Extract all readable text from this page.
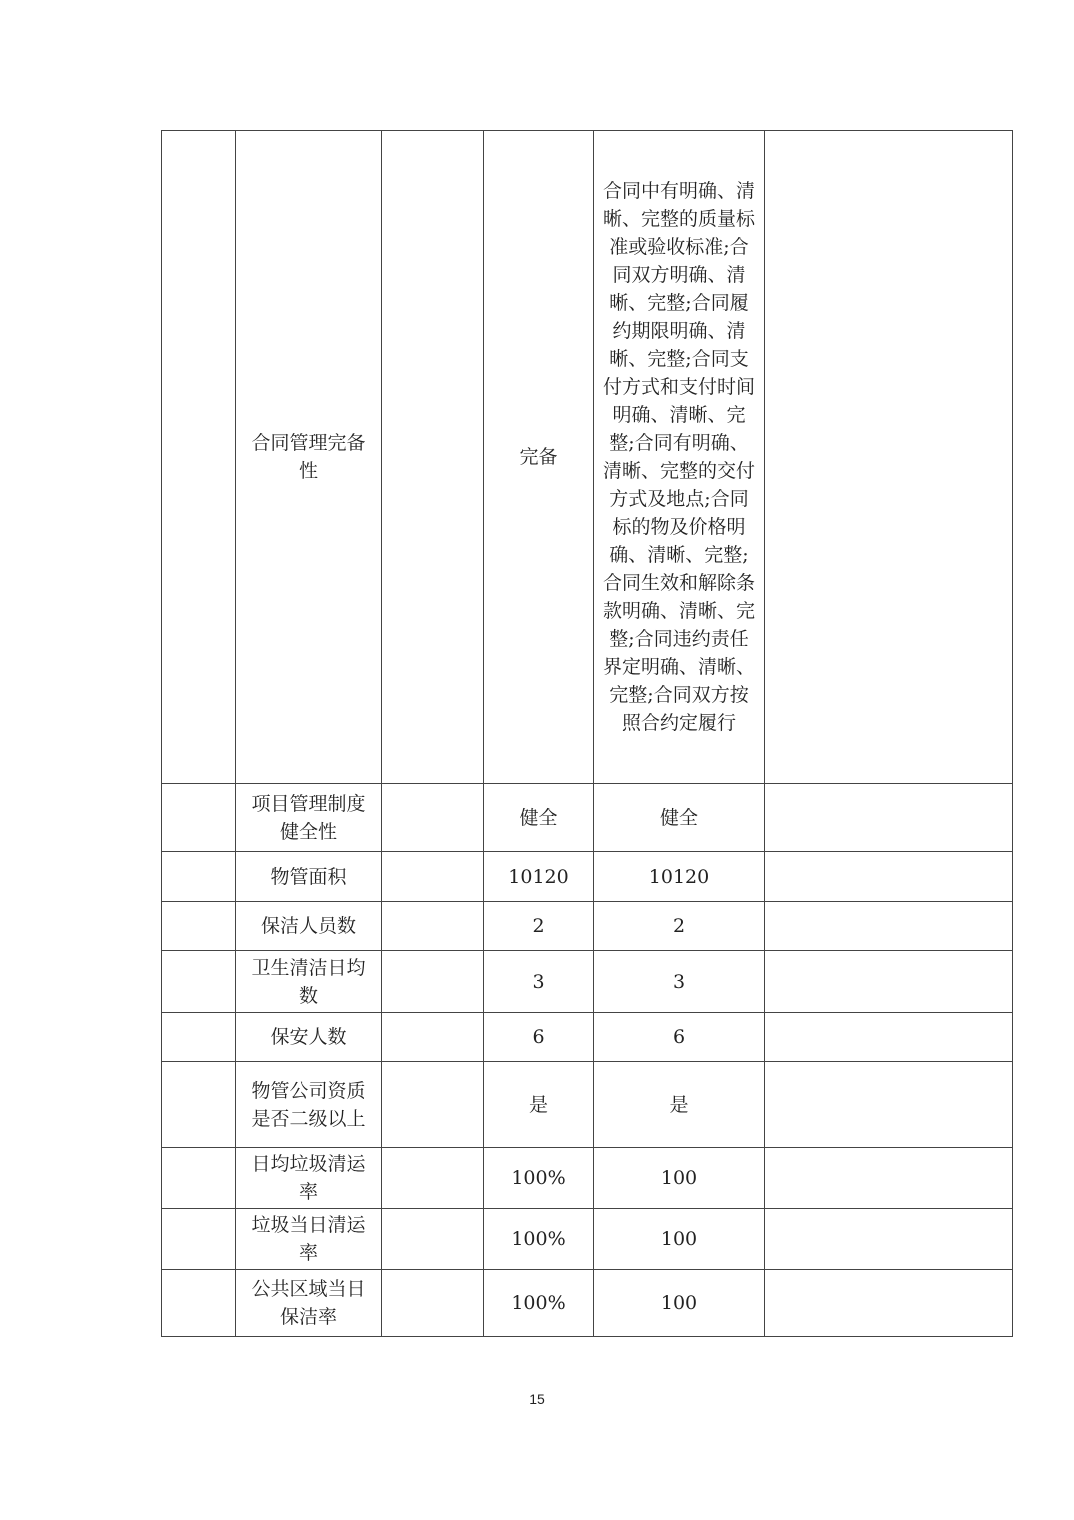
	合同管理完备性		完备	合同中有明确、清晰、完整的质量标准或验收标准;合同双方明确、清晰、完整;合同履约期限明确、清晰、完整;合同支付方式和支付时间明确、清晰、完整;合同有明确、清晰、完整的交付方式及地点;合同标的物及价格明确、清晰、完整;合同生效和解除条款明确、清晰、完整;合同违约责任界定明确、清晰、完整;合同双方按照合约定履行	
	项目管理制度健全性		健全	健全	
	物管面积		10120	10120	
	保洁人员数		2	2	
	卫生清洁日均数		3	3	
	保安人数		6	6	
	物管公司资质是否二级以上		是	是	
	日均垃圾清运率		100%	100	
	垃圾当日清运率		100%	100	
	公共区域当日保洁率		100%	100	
15
